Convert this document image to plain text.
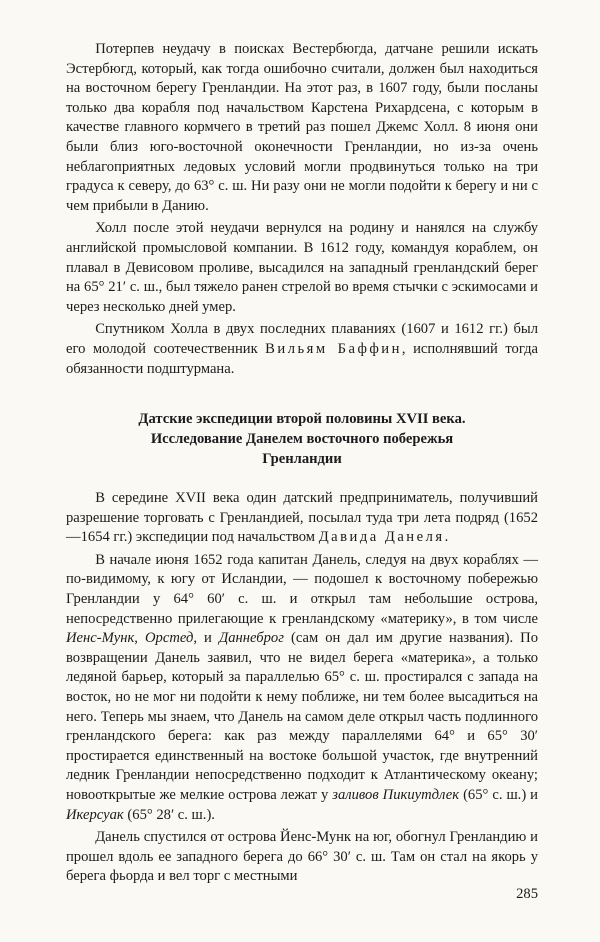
Потерпев неудачу в поисках Вестербюгда, датчане решили искать Эстербюгд, который, как тогда ошибочно считали, должен был находиться на восточном берегу Гренландии. На этот раз, в 1607 году, были посланы только два корабля под начальством Карстена Рихардсена, с которым в качестве главного кормчего в третий раз пошел Джемс Холл. 8 июня они были близ юго-восточной оконечности Гренландии, но из-за очень неблагоприятных ледовых условий могли продвинуться только на три градуса к северу, до 63° с. ш. Ни разу они не могли подойти к берегу и ни с чем прибыли в Данию.

Холл после этой неудачи вернулся на родину и нанялся на службу английской промысловой компании. В 1612 году, командуя кораблем, он плавал в Девисовом проливе, высадился на западный гренландский берег на 65° 21′ с. ш., был тяжело ранен стрелой во время стычки с эскимосами и через несколько дней умер.

Спутником Холла в двух последних плаваниях (1607 и 1612 гг.) был его молодой соотечественник Вильям Баффин, исполнявший тогда обязанности подштурмана.

Датские экспедиции второй половины XVII века.
Исследование Данелем восточного побережья
Гренландии

В середине XVII века один датский предприниматель, получивший разрешение торговать с Гренландией, посылал туда три лета подряд (1652—1654 гг.) экспедиции под начальством Давида Данеля.

В начале июня 1652 года капитан Данель, следуя на двух кораблях — по-видимому, к югу от Исландии, — подошел к восточному побережью Гренландии у 64° 60′ с. ш. и открыл там небольшие острова, непосредственно прилегающие к гренландскому «материку», в том числе Иенс-Мунк, Орстед, и Даннеброг (сам он дал им другие названия). По возвращении Данель заявил, что не видел берега «материка», а только ледяной барьер, который за параллелью 65° с. ш. простирался с запада на восток, но не мог ни подойти к нему поближе, ни тем более высадиться на него. Теперь мы знаем, что Данель на самом деле открыл часть подлинного гренландского берега: как раз между параллелями 64° и 65° 30′ простирается единственный на востоке большой участок, где внутренний ледник Гренландии непосредственно подходит к Атлантическому океану; новооткрытые же мелкие острова лежат у заливов Пикиутдлек (65° с. ш.) и Икерсуак (65° 28′ с. ш.).

Данель спустился от острова Йенс-Мунк на юг, обогнул Гренландию и прошел вдоль ее западного берега до 66° 30′ с. ш. Там он стал на якорь у берега фьорда и вел торг с местными

285
